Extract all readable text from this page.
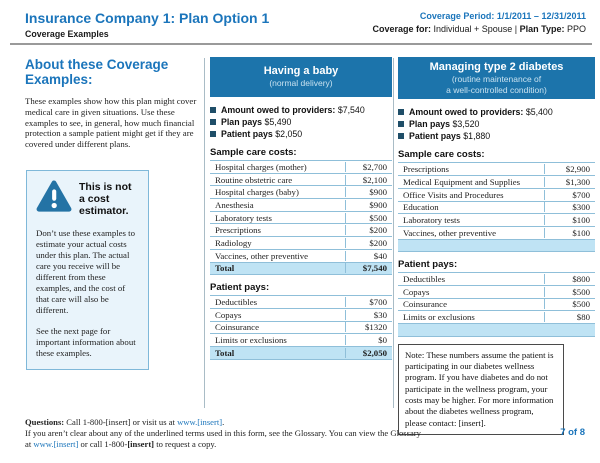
Insurance Company 1: Plan Option 1
Coverage Examples
Coverage Period: 1/1/2011 – 12/31/2011
Coverage for: Individual + Spouse | Plan Type: PPO
About these Coverage Examples:
These examples show how this plan might cover medical care in given situations. Use these examples to see, in general, how much financial protection a sample patient might get if they are covered under different plans.
This is not a cost estimator.
Don’t use these examples to estimate your actual costs under this plan. The actual care you receive will be different from these examples, and the cost of that care will also be different.
See the next page for important information about these examples.
Having a baby
(normal delivery)
Amount owed to providers: $7,540
Plan pays $5,490
Patient pays $2,050
Sample care costs:
Hospital charges (mother)	$2,700
Routine obstetric care	$2,100
Hospital charges (baby)	$900
Anesthesia	$900
Laboratory tests	$500
Prescriptions	$200
Radiology	$200
Vaccines, other preventive	$40
Total	$7,540
Patient pays:
Deductibles	$700
Copays	$30
Coinsurance	$1320
Limits or exclusions	$0
Total	$2,050
Managing type 2 diabetes
(routine maintenance of
a well-controlled condition)
Amount owed to providers: $5,400
Plan pays $3,520
Patient pays $1,880
Sample care costs:
Prescriptions	$2,900
Medical Equipment and Supplies	$1,300
Office Visits and Procedures	$700
Education	$300
Laboratory tests	$100
Vaccines, other preventive	$100
Patient pays:
Deductibles	$800
Copays	$500
Coinsurance	$500
Limits or exclusions	$80
Note: These numbers assume the patient is participating in our diabetes wellness program. If you have diabetes and do not participate in the wellness program, your costs may be higher. For more information about the diabetes wellness program, please contact: [insert].
Questions: Call 1-800-[insert] or visit us at www.[insert].
If you aren’t clear about any of the underlined terms used in this form, see the Glossary. You can view the Glossary
at www.[insert] or call 1-800-[insert] to request a copy.
7 of 8
